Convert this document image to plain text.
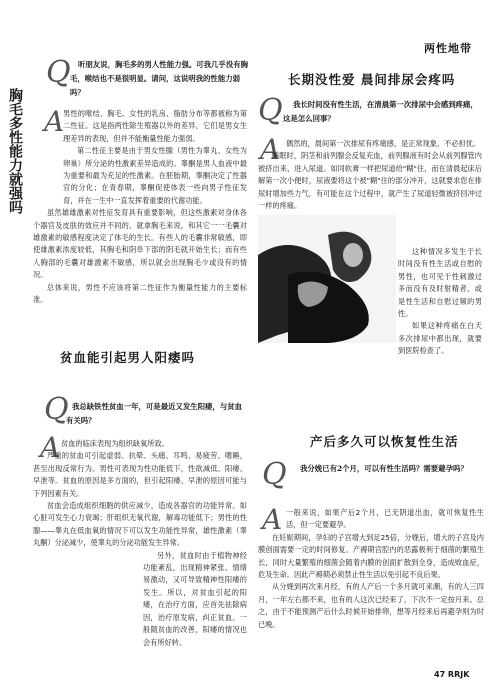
两性地带
胸毛多性能力就强吗
Q 听朋友说，胸毛多的男人性能力强。可我几乎没有胸毛，喉结也不是很明显。请问，这说明我的性能力弱吗？
A

男性的喉结、胸毛、女性的乳房、脂肪分布等都被称为第二性征。这是指两性除生殖器以外的差异，它们是男女生理差异的表现，但并不能衡量性能力强弱。

第二性征主要是由于男女性腺（男性为睾丸、女性为卵巢）所分泌的性激素差异造成的。睾酮是男人血液中最为重要和最为充足的性激素。在胚胎期，睾酮决定了性器官的分化；在青春期，睾酮促使体表一些向男子性征发育，并在一生中一直发挥着重要的代谢功能。

虽然雄雄激素对性征发育具有重要影响，但这些激素对身体各个器官及皮肤的效应并不同的。就拿胸毛来说，和其它一一毛囊对雄激素的敏感程度决定了体毛的生长。有些人的毛囊非常敏感，即使雄激素浓度较低，其胸毛和阴阜下部的阴毛就开始生长；而有些人胸部的毛囊对雄激素不敏感，所以就会出现胸毛少或没有的情况。

总体来说，男性不应该将第二性征作为衡量性能力的主要标准。

贫血能引起男人阳痿吗
Q 我总缺铁性贫血一年，可是最近又发生阳痿，与贫血有关吗？
A 贫血的临床表现为组织缺氧所致。

严重的贫血可引起虚弱、抗晕、头痛、耳鸣、易疲劳、嗜睡，甚至出现反常行为。男性可表现为性功能低下，性欲减低、阳痿、早泄等。贫血的原因是多方面的，但引起阳痿、早泄的原因可能与下列因素有关。

贫血会造成组织细胞的供应减少，造成各器官的功能异常。如心脏可发生心力衰竭；肝组织无氧代谢，解毒功能低下；男性的性腺——睾丸在低血氧的情况下可以发生功能性异常，雄性激素（睾丸酮）分泌减少，使睾丸的分泌功能发生异常。

另外，贫血时由于植物神经功能紊乱，出现精神紧张、情绪易激动，又可导致精神性阳痿的发生。所以，对贫血引起的阳痿，在治疗方面，应首先祛除病因，治疗原发病，纠正贫血。一般随贫血的改善，阳痿的情况也会有所好转。

长期没性爱 晨间排尿会疼吗
Q	我长时间没有性生活，在清晨第一次排尿中会感到疼痛，这是怎么回事？
A 偶然的，晨间第一次排尿有疼痛感，是正常现象，不必担忧。

睡眠时，阴茎和前列腺会反复充血，前列腺液有时会从前列腺管内被挤出来，进入尿道。如同软膏一样把尿道给"糊"住，而在清晨起床后解第一次小便时，尿液要将这个被"糊"住的部分冲开，这就要求您在排尿时增加些力气，有可能在这个过程中，就产生了尿道轻微被挤回冲过一样的疼痛。

这种情况多发生于长时间没有性生活或自慰的男性，也可见于性刺激过多而没有及时射精者，或是性生活和自慰过频的男性。

如果这种疼痛在白天多次排尿中都出现，就要到医院检查了。

产后多久可以恢复性生活
Q	我分娩已有2个月，可以有性生活吗？需要避孕吗？
A 一般来说，如果产后2个月，已无阴道出血，就可恢复性生活，但一定要避孕。

在妊娠期间，孕妇的子宫增大到足25倍，分娩后，增大的子宫及内膜创面需要一定的时间修复。产褥期宫腔内的恶露极利于细菌的繁殖生长，同时大量繁殖的细菌会随着内膜的创面扩散到全身，造成败血症，危及生命。因此产褥期必须禁止性生活以免引起不良后果。

从分娩到再次来月经，有的人产后一个多月就可来潮，有的人三四月，一年左右都不来，也有的人这次已经来了，下次不一定按月来。总之，由于不能预测产后什么时候开始排卵，想等月经来后再避孕则为时已晚。

47 RRJK
